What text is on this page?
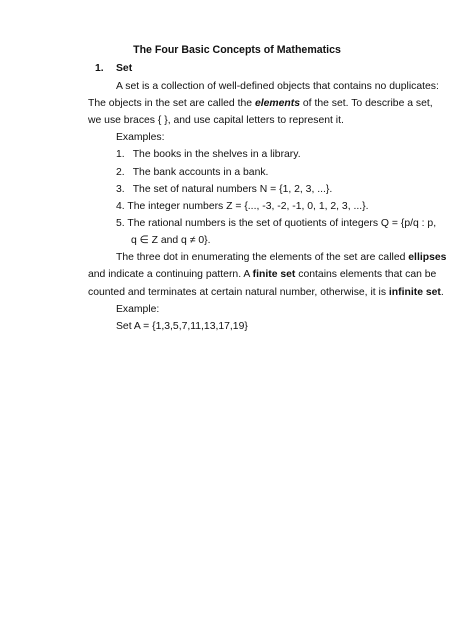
The Four Basic Concepts of Mathematics
1. Set
A set is a collection of well-defined objects that contains no duplicates:
The objects in the set are called the elements of the set. To describe a set,
we use braces { }, and use capital letters to represent it.
Examples:
1. The books in the shelves in a library.
2. The bank accounts in a bank.
3. The set of natural numbers N = {1, 2, 3, ...}.
4. The integer numbers Z = {..., -3, -2, -1, 0, 1, 2, 3, ...}.
5. The rational numbers is the set of quotients of integers Q = {p/q : p,
q ∈ Z and q ≠ 0}.
The three dot in enumerating the elements of the set are called ellipses
and indicate a continuing pattern. A finite set contains elements that can be
counted and terminates at certain natural number, otherwise, it is infinite set.
Example:
Set A = {1,3,5,7,11,13,17,19}
